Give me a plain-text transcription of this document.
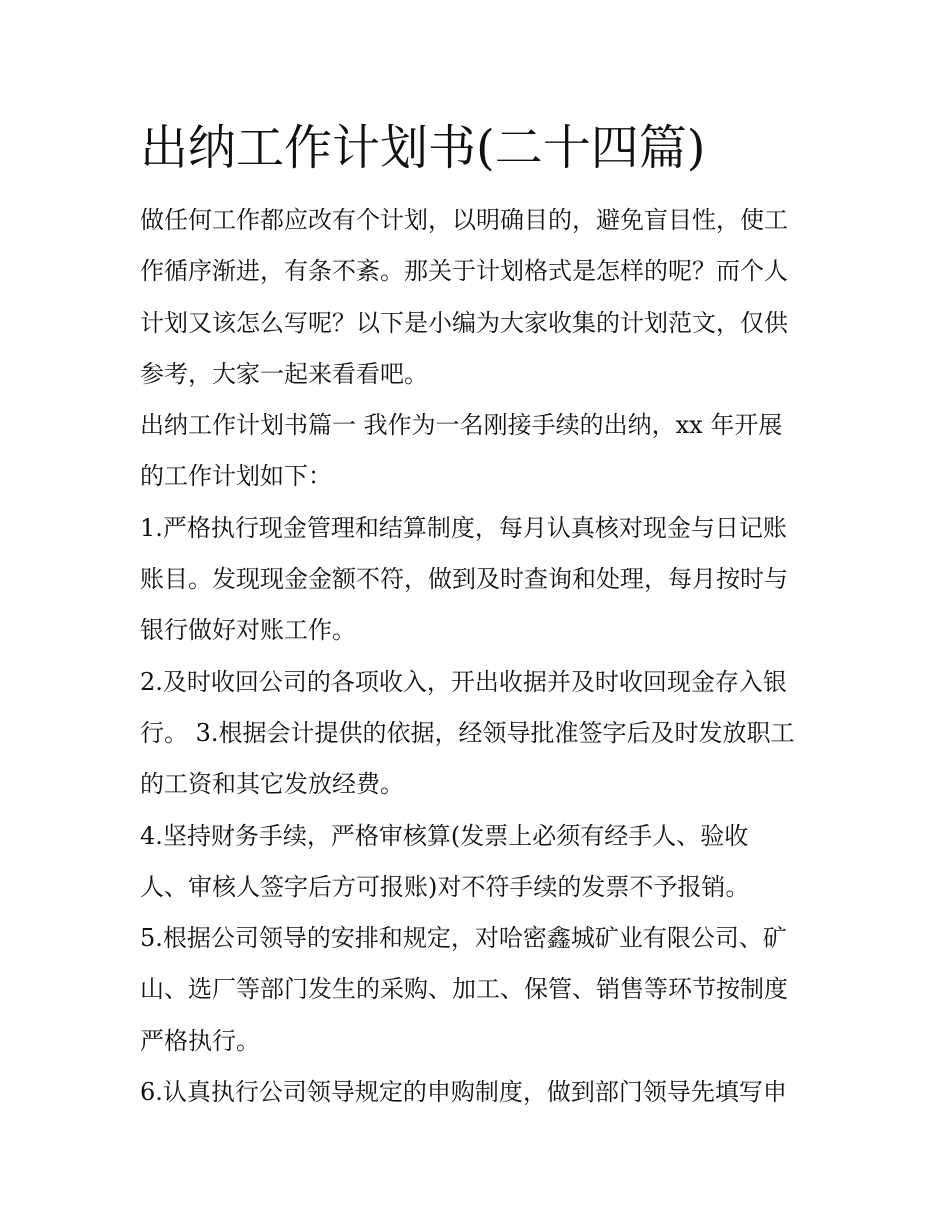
出纳工作计划书(二十四篇)

做任何工作都应改有个计划，以明确目的，避免盲目性，使工

作循序渐进，有条不紊。那关于计划格式是怎样的呢？而个人

计划又该怎么写呢？以下是小编为大家收集的计划范文，仅供

参考，大家一起来看看吧。

出纳工作计划书篇一 我作为一名刚接手续的出纳，xx 年开展

的工作计划如下：

1.严格执行现金管理和结算制度，每月认真核对现金与日记账

账目。发现现金金额不符，做到及时查询和处理，每月按时与

银行做好对账工作。

2.及时收回公司的各项收入，开出收据并及时收回现金存入银

行。 3.根据会计提供的依据，经领导批准签字后及时发放职工

的工资和其它发放经费。

4.坚持财务手续，严格审核算(发票上必须有经手人、验收

人、审核人签字后方可报账)对不符手续的发票不予报销。

5.根据公司领导的安排和规定，对哈密鑫城矿业有限公司、矿

山、选厂等部门发生的采购、加工、保管、销售等环节按制度

严格执行。

6.认真执行公司领导规定的申购制度，做到部门领导先填写申
